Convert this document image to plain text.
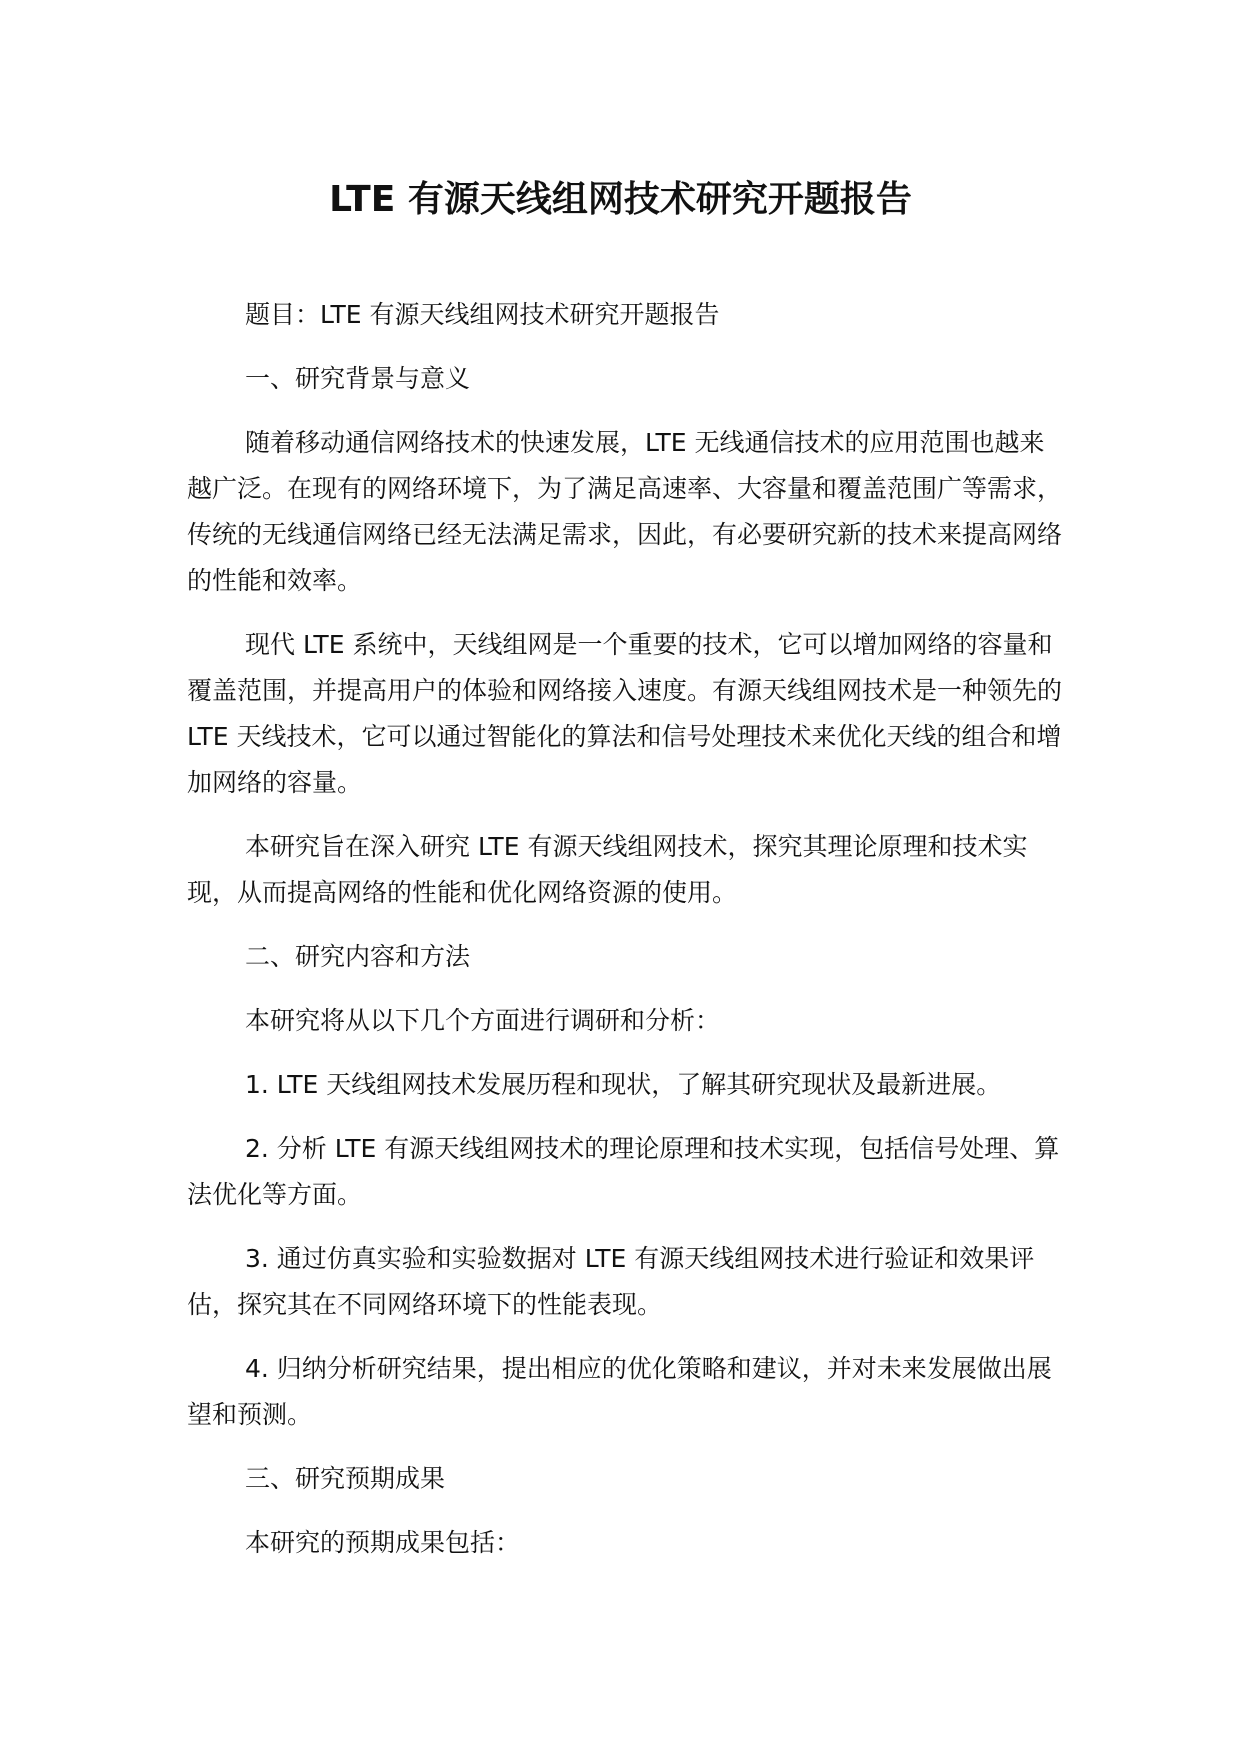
LTE 有源天线组网技术研究开题报告

题目：LTE 有源天线组网技术研究开题报告

一、研究背景与意义

随着移动通信网络技术的快速发展，LTE 无线通信技术的应用范围也越来越广泛。在现有的网络环境下，为了满足高速率、大容量和覆盖范围广等需求，传统的无线通信网络已经无法满足需求，因此，有必要研究新的技术来提高网络的性能和效率。

现代 LTE 系统中，天线组网是一个重要的技术，它可以增加网络的容量和覆盖范围，并提高用户的体验和网络接入速度。有源天线组网技术是一种领先的 LTE 天线技术，它可以通过智能化的算法和信号处理技术来优化天线的组合和增加网络的容量。

本研究旨在深入研究 LTE 有源天线组网技术，探究其理论原理和技术实现，从而提高网络的性能和优化网络资源的使用。

二、研究内容和方法

本研究将从以下几个方面进行调研和分析：

1. LTE 天线组网技术发展历程和现状，了解其研究现状及最新进展。

2. 分析 LTE 有源天线组网技术的理论原理和技术实现，包括信号处理、算法优化等方面。

3. 通过仿真实验和实验数据对 LTE 有源天线组网技术进行验证和效果评估，探究其在不同网络环境下的性能表现。

4. 归纳分析研究结果，提出相应的优化策略和建议，并对未来发展做出展望和预测。

三、研究预期成果

本研究的预期成果包括：
